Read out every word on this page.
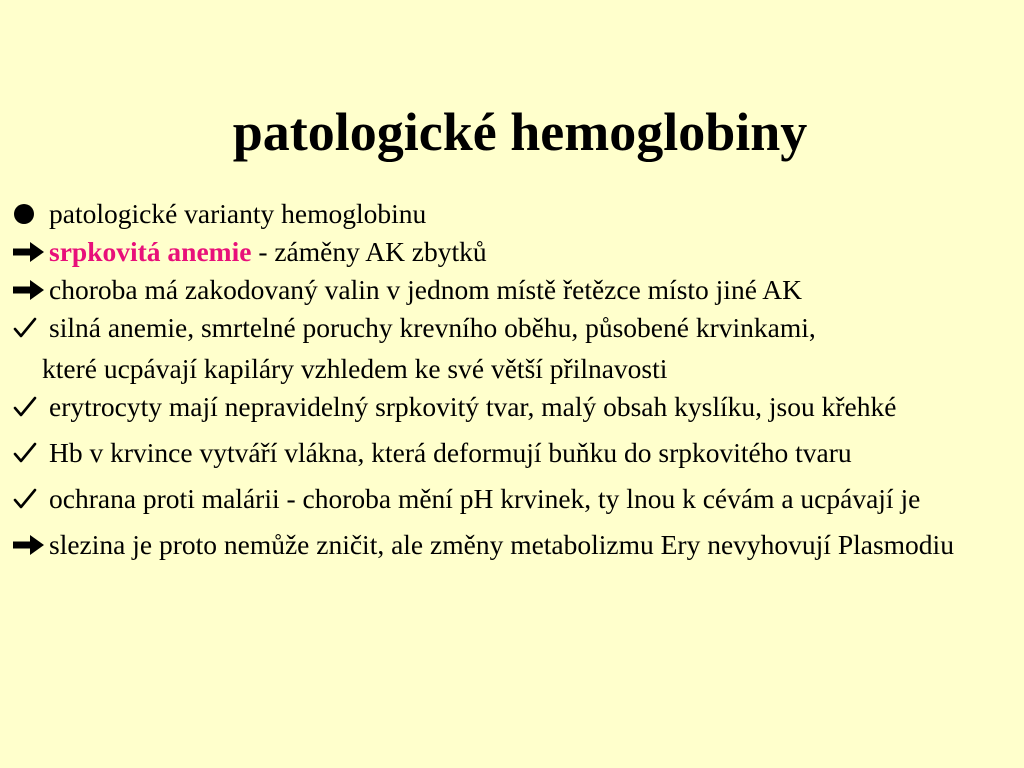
patologické hemoglobiny
patologické varianty hemoglobinu
srpkovitá anemie - záměny AK zbytků
choroba má zakodovaný valin v jednom místě řetězce místo jiné AK
silná anemie, smrtelné poruchy krevního oběhu, působené krvinkami,
které ucpávají kapiláry vzhledem ke své větší přilnavosti
erytrocyty mají nepravidelný srpkovitý tvar, malý obsah kyslíku, jsou křehké
Hb v krvince vytváří vlákna, která deformují buňku do srpkovitého tvaru
ochrana proti malárii - choroba mění pH krvinek, ty lnou k cévám a ucpávají je
slezina je proto nemůže zničit, ale změny metabolizmu Ery nevyhovují Plasmodiu
